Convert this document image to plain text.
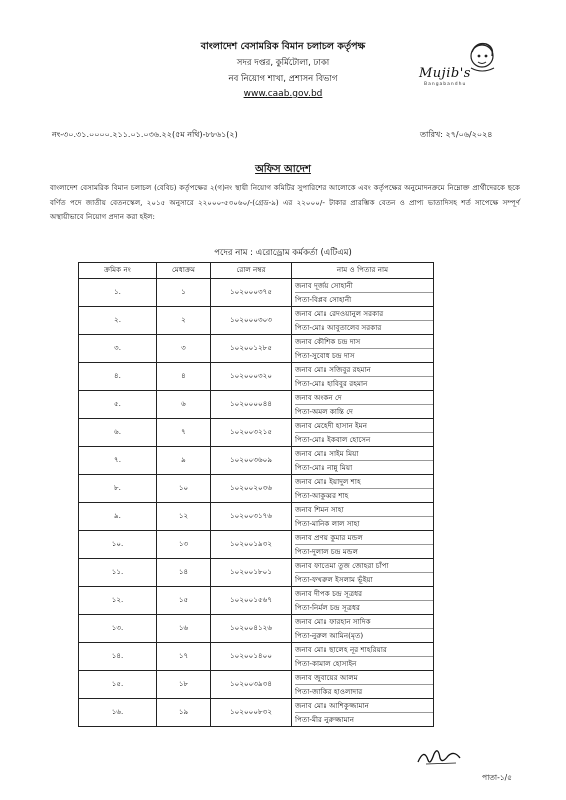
বাংলাদেশ বেসামরিক বিমান চলাচল কর্তৃপক্ষ
সদর দপ্তর, কুর্মিটোলা, ঢাকা
নব নিয়োগ শাখা, প্রশাসন বিভাগ
www.caab.gov.bd
Mujib's
Bangabandhu
নং-৩০.৩১.০০০০.২১১.০১.০৩৬.২২(৫ম নথি)-৮৮৬১(২)	তারিখ: ২৭/০৬/২০২৪
অফিস আদেশ
বাংলাদেশ বেসামরিক বিমান চলাচল (বেবিচ) কর্তৃপক্ষের ২(গ)নং স্থায়ী নিয়োগ কমিটির সুপারিশের আলোকে এবং কর্তৃপক্ষের অনুমোদনক্রমে নিম্নোক্ত প্রার্থীদেরকে ছকে বর্ণিত পদে জাতীয় বেতনস্কেল, ২০১৫ অনুসারে ২২০০০-৫৩০৬০/-(গ্রেড-৯) এর ২২০০০/- টাকার প্রারম্ভিক বেতন ও প্রাপ্য ভাতাদিসহ শর্ত সাপেক্ষে সম্পূর্ণ অস্থায়ীভাবে নিয়োগ প্রদান করা হইল:
পদের নাম : এরোড্রোম কর্মকর্তা (এটিএম)
ক্রমিক নং	মেধাক্রম	রোল নম্বর	নাম ও পিতার নাম
১.	১	১০২০০০৩৭৫	জনাব দূর্জয় সোহানী
পিতা-বিপ্লব সোহানী

২.	২	১০২০০০৩০৩	জনাব মোঃ রেদওয়ানুল সরকার
পিতা-মোঃ আবুতালেব সরকার

৩.	৩	১০২০০১২৮৫	জনাব কৌশিক চন্দ্র দাস
পিতা-সুবোধ চন্দ্র দাস

৪.	৪	১০২০০০৩২০	জনাব মোঃ সজিবুর রহমান
পিতা-মোঃ হাবিবুর রহমান

৫.	৬	১০২০০০০৪৪	জনাব অংকন দে
পিতা-অমল কান্তি দে

৬.	৭	১০২০০৩২১৫	জনাব মেহেদী হাসান ইমন
পিতা-মোঃ ইকবাল হোসেন

৭.	৯	১০২০০৩৬০৯	জনাব মোঃ সাইম মিয়া
পিতা-মোঃ নান্নু মিয়া

৮.	১০	১০২০০২০৩৬	জনাব মোঃ ইয়াদুল শাহ
পিতা-আকুব্বর শাহ

৯.	১২	১০২০০৩১৭৬	জনাব শিমন সাহা
পিতা-মানিক লাল সাহা

১০.	১৩	১০২০০১৯৩২	জনাব প্রণয় কুমার মন্ডল
পিতা-দুলাল চন্দ্র মন্ডল

১১.	১৪	১০২০০১৮০১	জনাব ফাতেমা তুজ জোহরা চাঁপা
পিতা-ফখরুল ইসলাম ভূঁইয়া

১২.	১৫	১০২০০১৫৬৭	জনাব দীপক চন্দ্র সূত্রধর
পিতা-নির্মল চন্দ্র সূত্রধর

১৩.	১৬	১০২০০৪১২৬	জনাব মোঃ ফারহান সাদিক
পিতা-নুরুল আমিন(মৃত)

১৪.	১৭	১০২০০১৪০০	জনাব মোঃ ছালেহ নূর শাহরিয়ার
পিতা-কামাল হোসাইন

১৫.	১৮	১০২০০৩৯৩৪	জনাব জুবায়ের আলম
পিতা-জাকির হাওলাদার

১৬.	১৯	১০২০০০৮৩২	জনাব মোঃ আশিকুজ্জামান
পিতা-মীর নুরুজ্জামান
পাতা-১/৫
